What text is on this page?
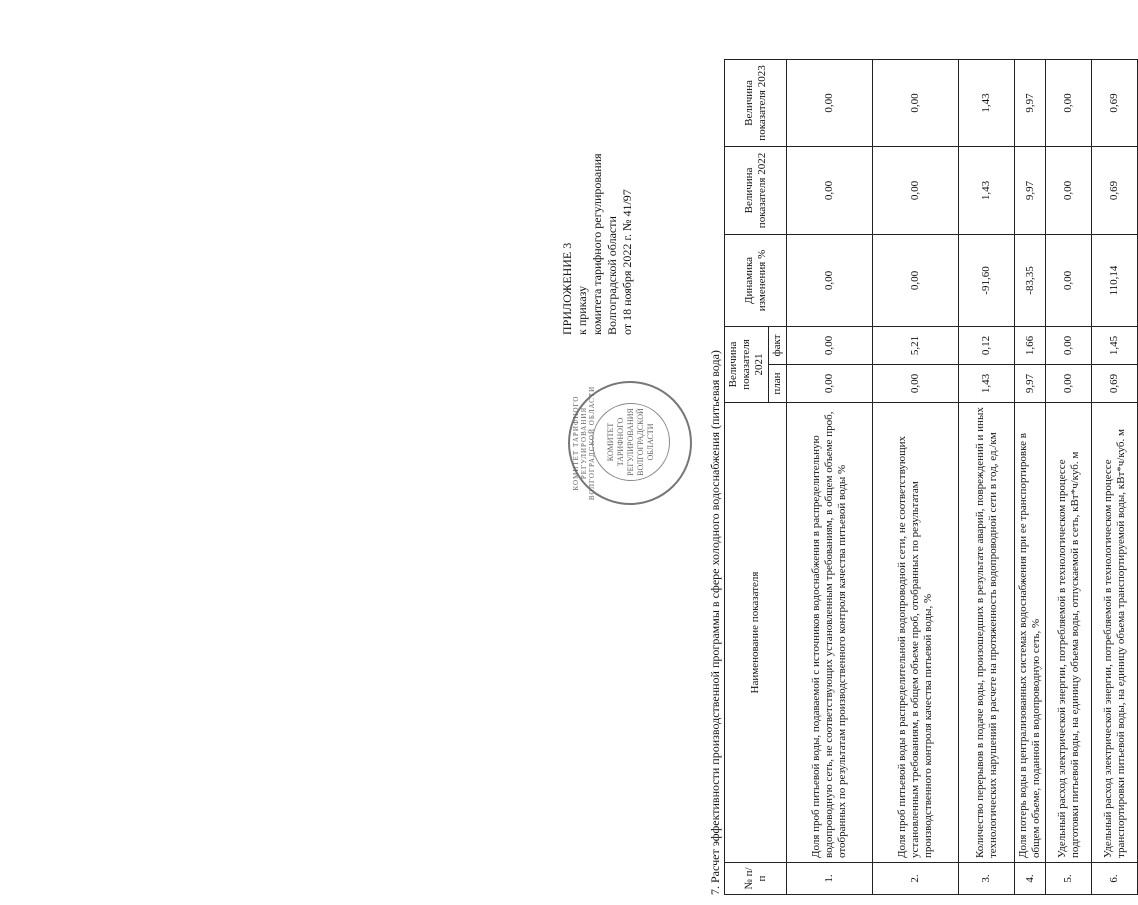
ПРИЛОЖЕНИЕ 3 к приказу комитета тарифного регулирования Волгоградской области от 18 ноября 2022 г. № 41/97
КОМИТЕТ ТАРИФНОГО РЕГУЛИРОВАНИЯ ВОЛГОГРАДСКОЙ ОБЛАСТИ КОМИТЕТ ТАРИФНОГО РЕГУЛИРОВАНИЯ ВОЛГОГРАДСКОЙ ОБЛАСТИ	7. Расчет эффективности производственной программы в сфере холодного водоснабжения (питьевая вода) № п/п	Наименование показателя	Величина показателя 2021		Динамика изменения %	Величина показателя 2022	Величина показателя 2023
		план	факт			
1.	Доля проб питьевой воды, подаваемой с источников водоснабжения в распределительную водопроводную сеть, не соответствующих установленным требованиям, в общем объеме проб, отобранных по результатам производственного контроля качества питьевой воды %	0,00	0,00	0,00	0,00	0,00
2.	Доля проб питьевой воды в распределительной водопроводной сети, не соответствующих установленным требованиям, в общем объеме проб, отобранных по результатам производственного контроля качества питьевой воды, %	0,00	5,21	0,00	0,00	0,00
3.	Количество перерывов в подаче воды, произошедших в результате аварий, повреждений и иных технологических нарушений в расчете на протяженность водопроводной сети в год, ед./км	1,43	0,12	-91,60	1,43	1,43
4.	Доля потерь воды в централизованных системах водоснабжения при ее транспортировке в общем объеме, поданной в водопроводную сеть, %	9,97	1,66	-83,35	9,97	9,97
5.	Удельный расход электрической энергии, потребляемой в технологическом процессе подготовки питьевой воды, на единицу объема воды, отпускаемой в сеть, кВт*ч/куб. м	0,00	0,00	0,00	0,00	0,00
6.	Удельный расход электрической энергии, потребляемой в технологическом процессе транспортировки питьевой воды, на единицу объема транспортируемой воды, кВт*ч/куб. м	0,69	1,45	110,14	0,69	0,69
